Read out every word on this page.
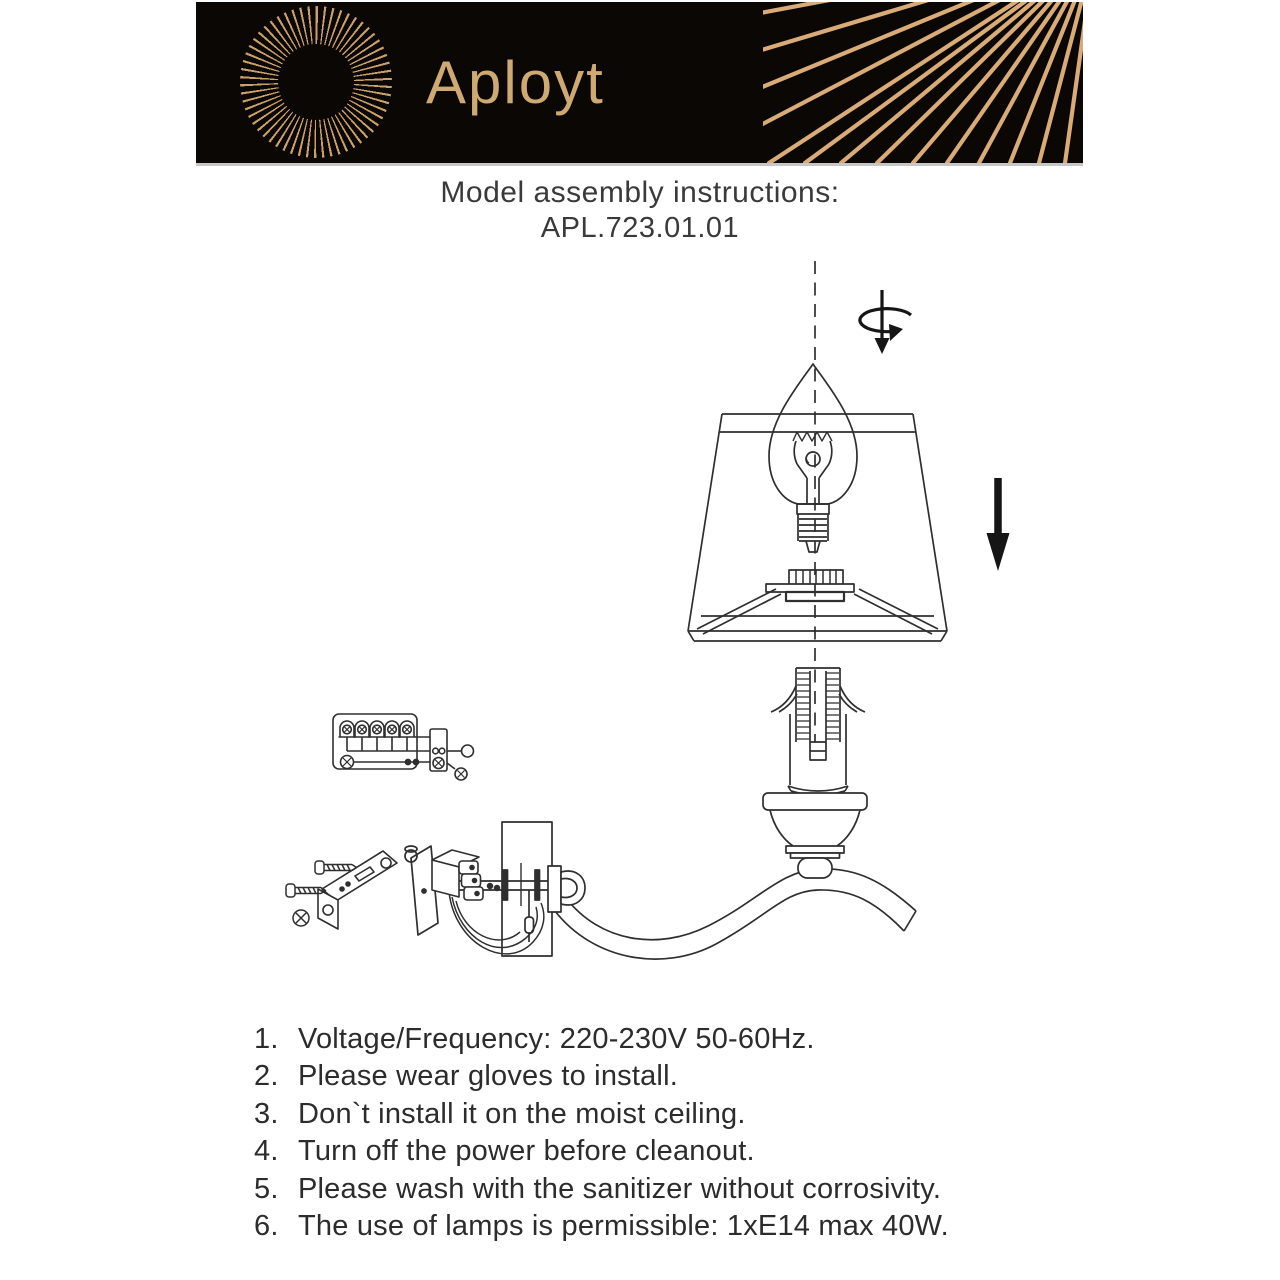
Aployt
Model assembly instructions:
APL.723.01.01
1. Voltage/Frequency: 220-230V 50-60Hz.
2. Please wear gloves to install.
3. Don`t install it on the moist ceiling.
4. Turn off the power before cleanout.
5. Please wash with the sanitizer without corrosivity.
6. The use of lamps is permissible: 1xE14 max 40W.
